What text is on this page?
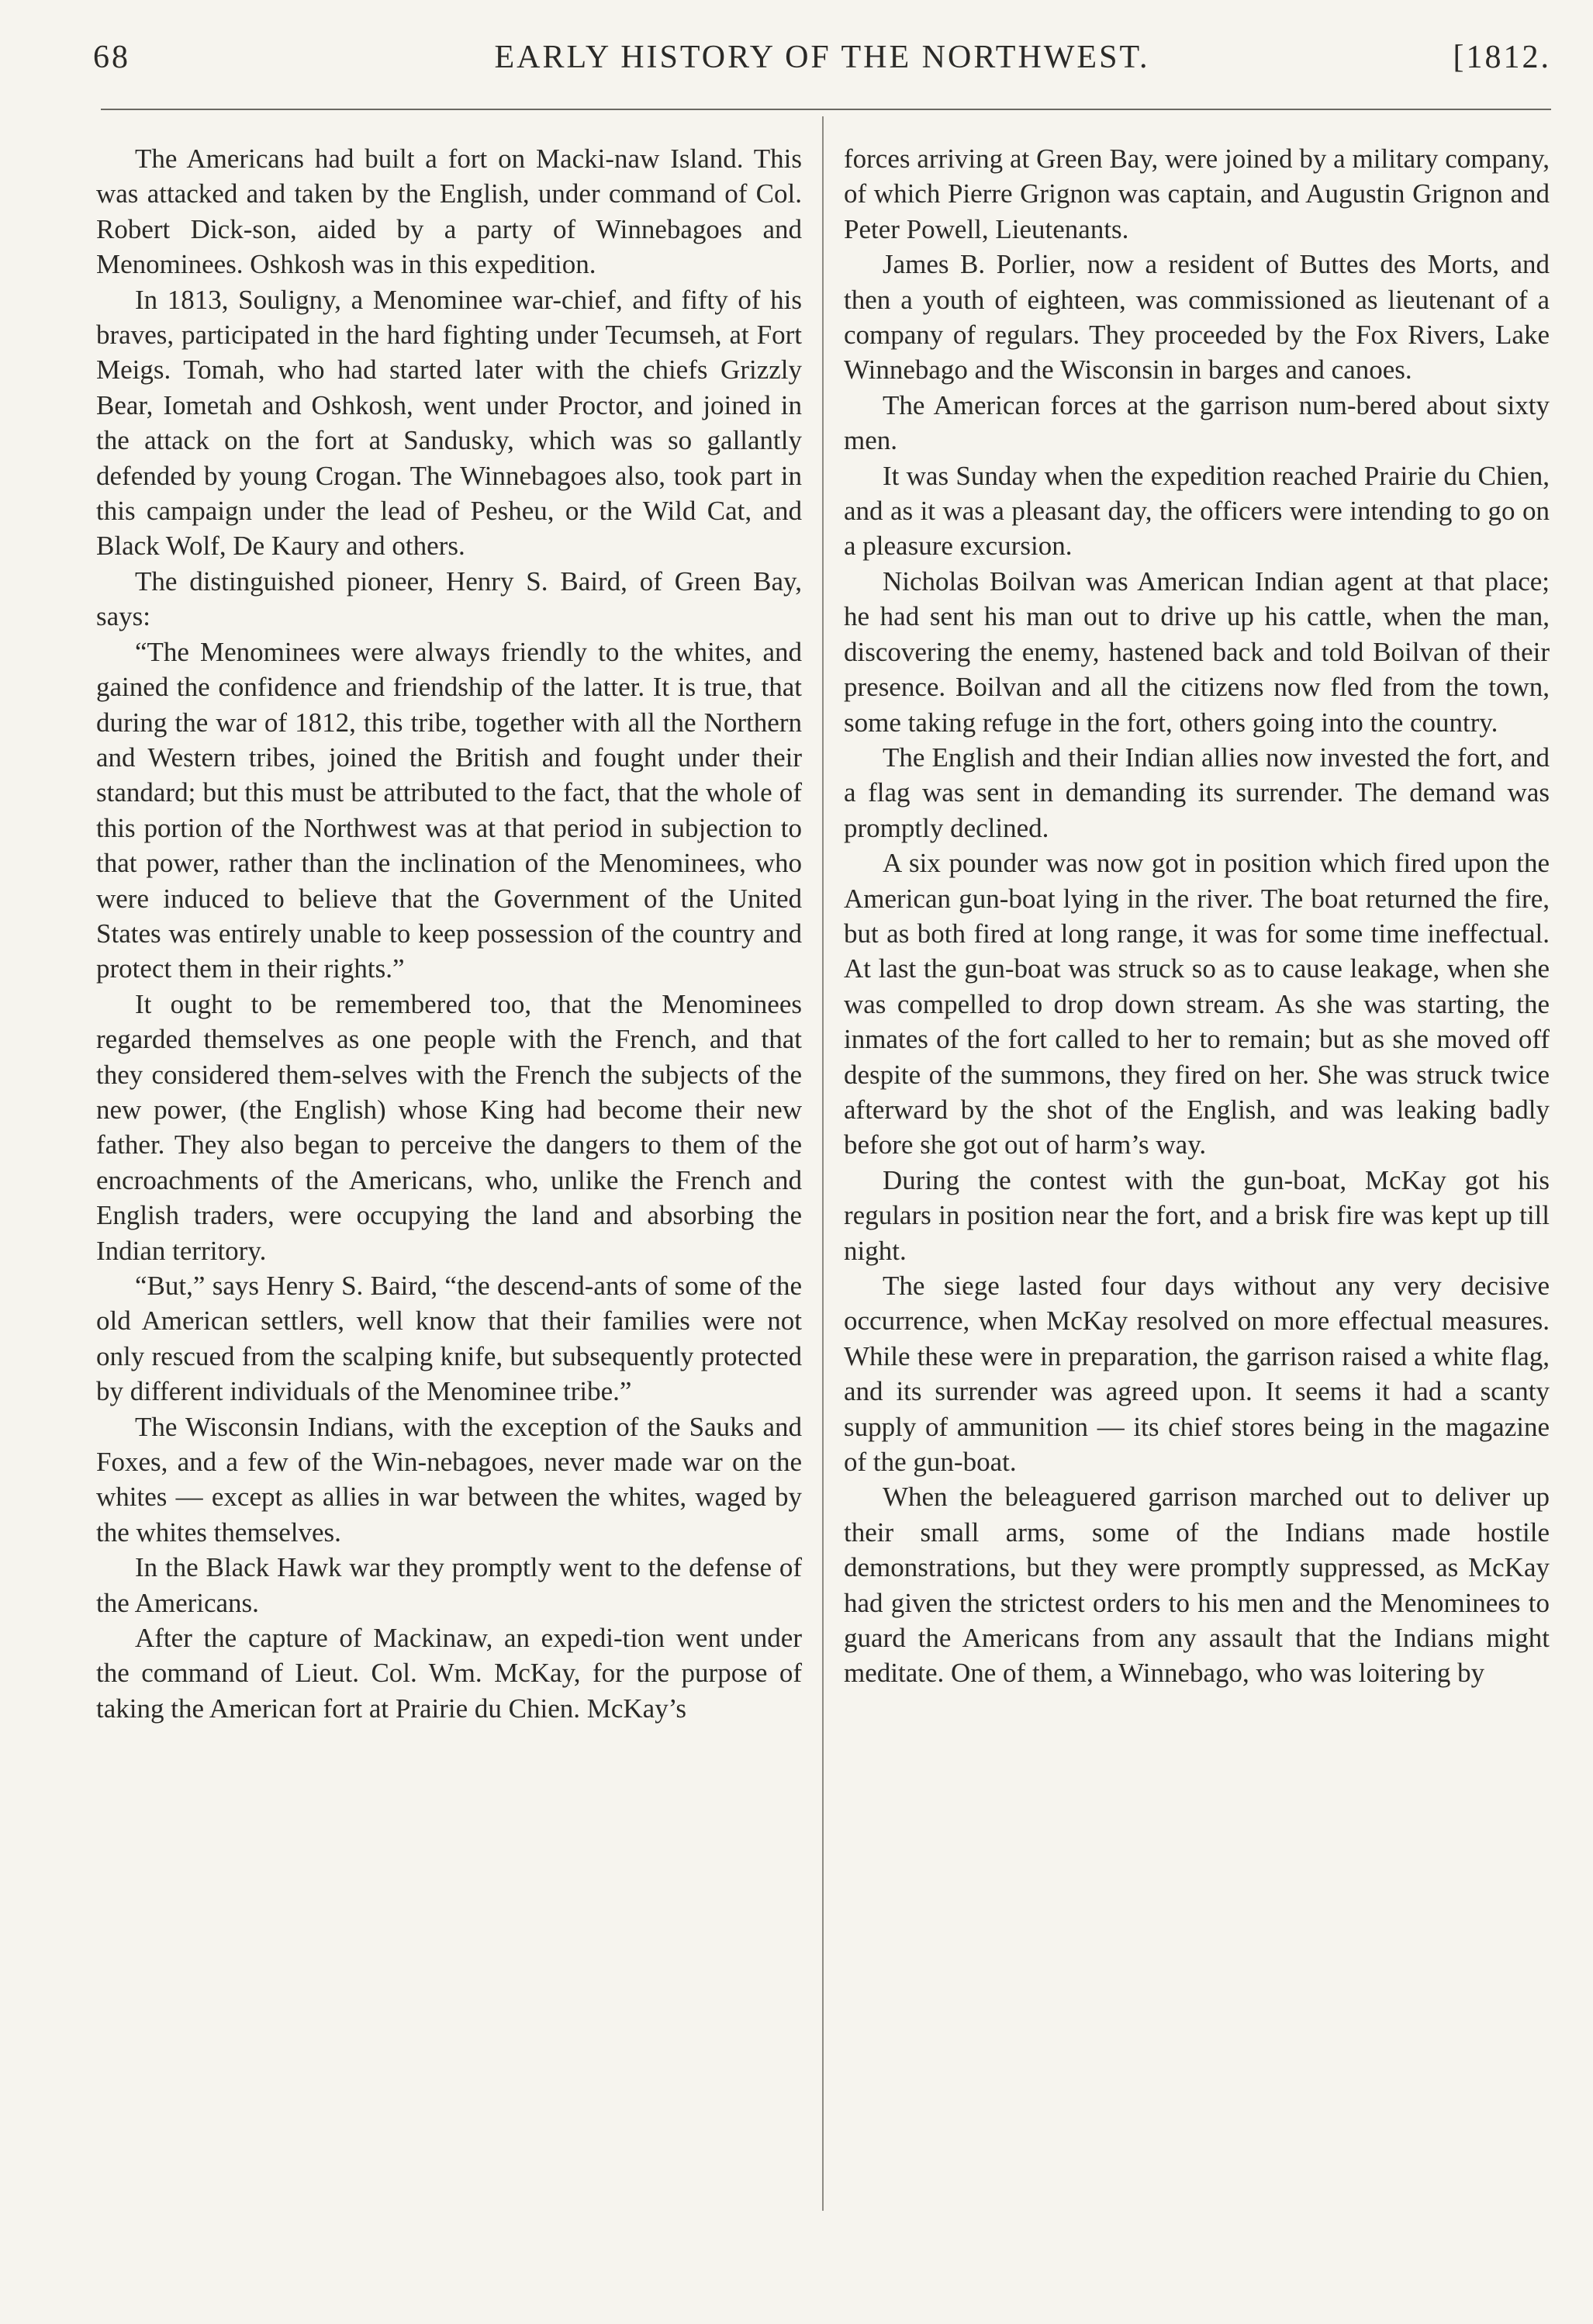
68	EARLY HISTORY OF THE NORTHWEST.	[1812.

The Americans had built a fort on Macki-naw Island. This was attacked and taken by the English, under command of Col. Robert Dick-son, aided by a party of Winnebagoes and Menominees. Oshkosh was in this expedition.

In 1813, Souligny, a Menominee war-chief, and fifty of his braves, participated in the hard fighting under Tecumseh, at Fort Meigs. Tomah, who had started later with the chiefs Grizzly Bear, Iometah and Oshkosh, went under Proctor, and joined in the attack on the fort at Sandusky, which was so gallantly defended by young Crogan. The Winnebagoes also, took part in this campaign under the lead of Pesheu, or the Wild Cat, and Black Wolf, De Kaury and others.

The distinguished pioneer, Henry S. Baird, of Green Bay, says:

“The Menominees were always friendly to the whites, and gained the confidence and friendship of the latter. It is true, that during the war of 1812, this tribe, together with all the Northern and Western tribes, joined the British and fought under their standard; but this must be attributed to the fact, that the whole of this portion of the Northwest was at that period in subjection to that power, rather than the inclination of the Menominees, who were induced to believe that the Government of the United States was entirely unable to keep possession of the country and protect them in their rights.”

It ought to be remembered too, that the Menominees regarded themselves as one people with the French, and that they considered them-selves with the French the subjects of the new power, (the English) whose King had become their new father. They also began to perceive the dangers to them of the encroachments of the Americans, who, unlike the French and English traders, were occupying the land and absorbing the Indian territory.

“But,” says Henry S. Baird, “the descend-ants of some of the old American settlers, well know that their families were not only rescued from the scalping knife, but subsequently protected by different individuals of the Menominee tribe.”

The Wisconsin Indians, with the exception of the Sauks and Foxes, and a few of the Win-nebagoes, never made war on the whites — except as allies in war between the whites, waged by the whites themselves.

In the Black Hawk war they promptly went to the defense of the Americans.

After the capture of Mackinaw, an expedi-tion went under the command of Lieut. Col. Wm. McKay, for the purpose of taking the American fort at Prairie du Chien. McKay’s

forces arriving at Green Bay, were joined by a military company, of which Pierre Grignon was captain, and Augustin Grignon and Peter Powell, Lieutenants.

James B. Porlier, now a resident of Buttes des Morts, and then a youth of eighteen, was commissioned as lieutenant of a company of regulars. They proceeded by the Fox Rivers, Lake Winnebago and the Wisconsin in barges and canoes.

The American forces at the garrison num-bered about sixty men.

It was Sunday when the expedition reached Prairie du Chien, and as it was a pleasant day, the officers were intending to go on a pleasure excursion.

Nicholas Boilvan was American Indian agent at that place; he had sent his man out to drive up his cattle, when the man, discovering the enemy, hastened back and told Boilvan of their presence. Boilvan and all the citizens now fled from the town, some taking refuge in the fort, others going into the country.

The English and their Indian allies now invested the fort, and a flag was sent in demanding its surrender. The demand was promptly declined.

A six pounder was now got in position which fired upon the American gun-boat lying in the river. The boat returned the fire, but as both fired at long range, it was for some time ineffectual. At last the gun-boat was struck so as to cause leakage, when she was compelled to drop down stream. As she was starting, the inmates of the fort called to her to remain; but as she moved off despite of the summons, they fired on her. She was struck twice afterward by the shot of the English, and was leaking badly before she got out of harm’s way.

During the contest with the gun-boat, McKay got his regulars in position near the fort, and a brisk fire was kept up till night.

The siege lasted four days without any very decisive occurrence, when McKay resolved on more effectual measures. While these were in preparation, the garrison raised a white flag, and its surrender was agreed upon. It seems it had a scanty supply of ammunition — its chief stores being in the magazine of the gun-boat.

When the beleaguered garrison marched out to deliver up their small arms, some of the Indians made hostile demonstrations, but they were promptly suppressed, as McKay had given the strictest orders to his men and the Menominees to guard the Americans from any assault that the Indians might meditate. One of them, a Winnebago, who was loitering by
